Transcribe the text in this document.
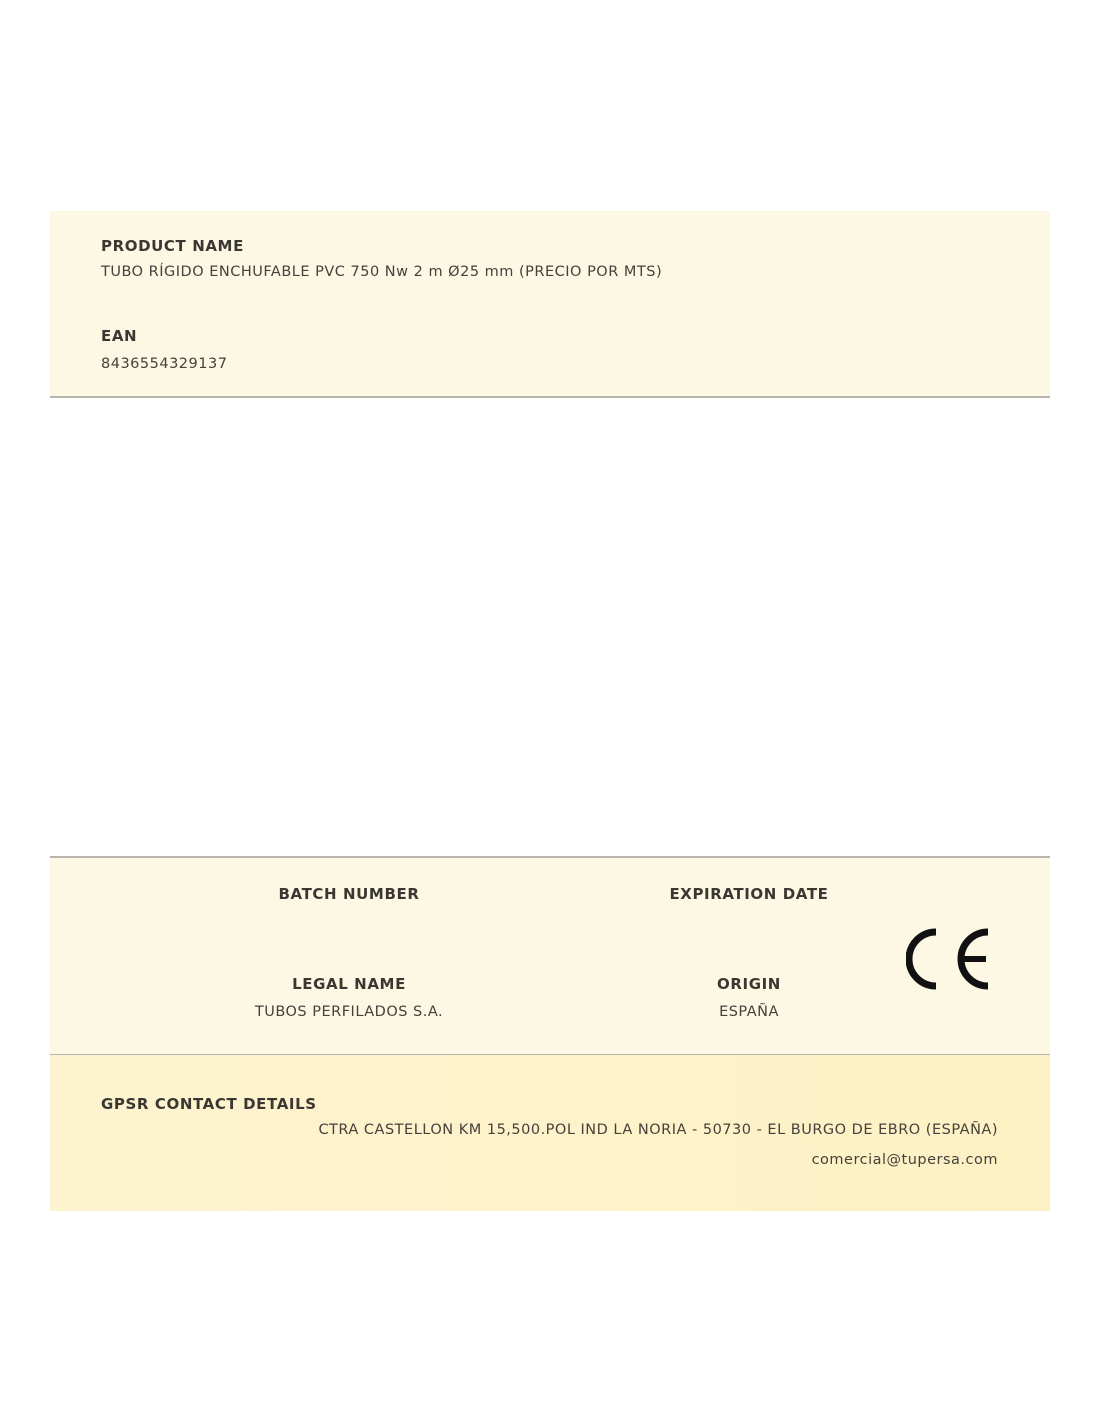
PRODUCT NAME
TUBO RÍGIDO ENCHUFABLE PVC 750 Nw 2 m Ø25 mm (PRECIO POR MTS)
EAN
8436554329137
BATCH NUMBER	EXPIRATION DATE
LEGAL NAME
TUBOS PERFILADOS S.A.
ORIGIN
ESPAÑA
GPSR CONTACT DETAILS
CTRA CASTELLON KM 15,500.POL IND LA NORIA - 50730 - EL BURGO DE EBRO (ESPAÑA)
comercial@tupersa.com
